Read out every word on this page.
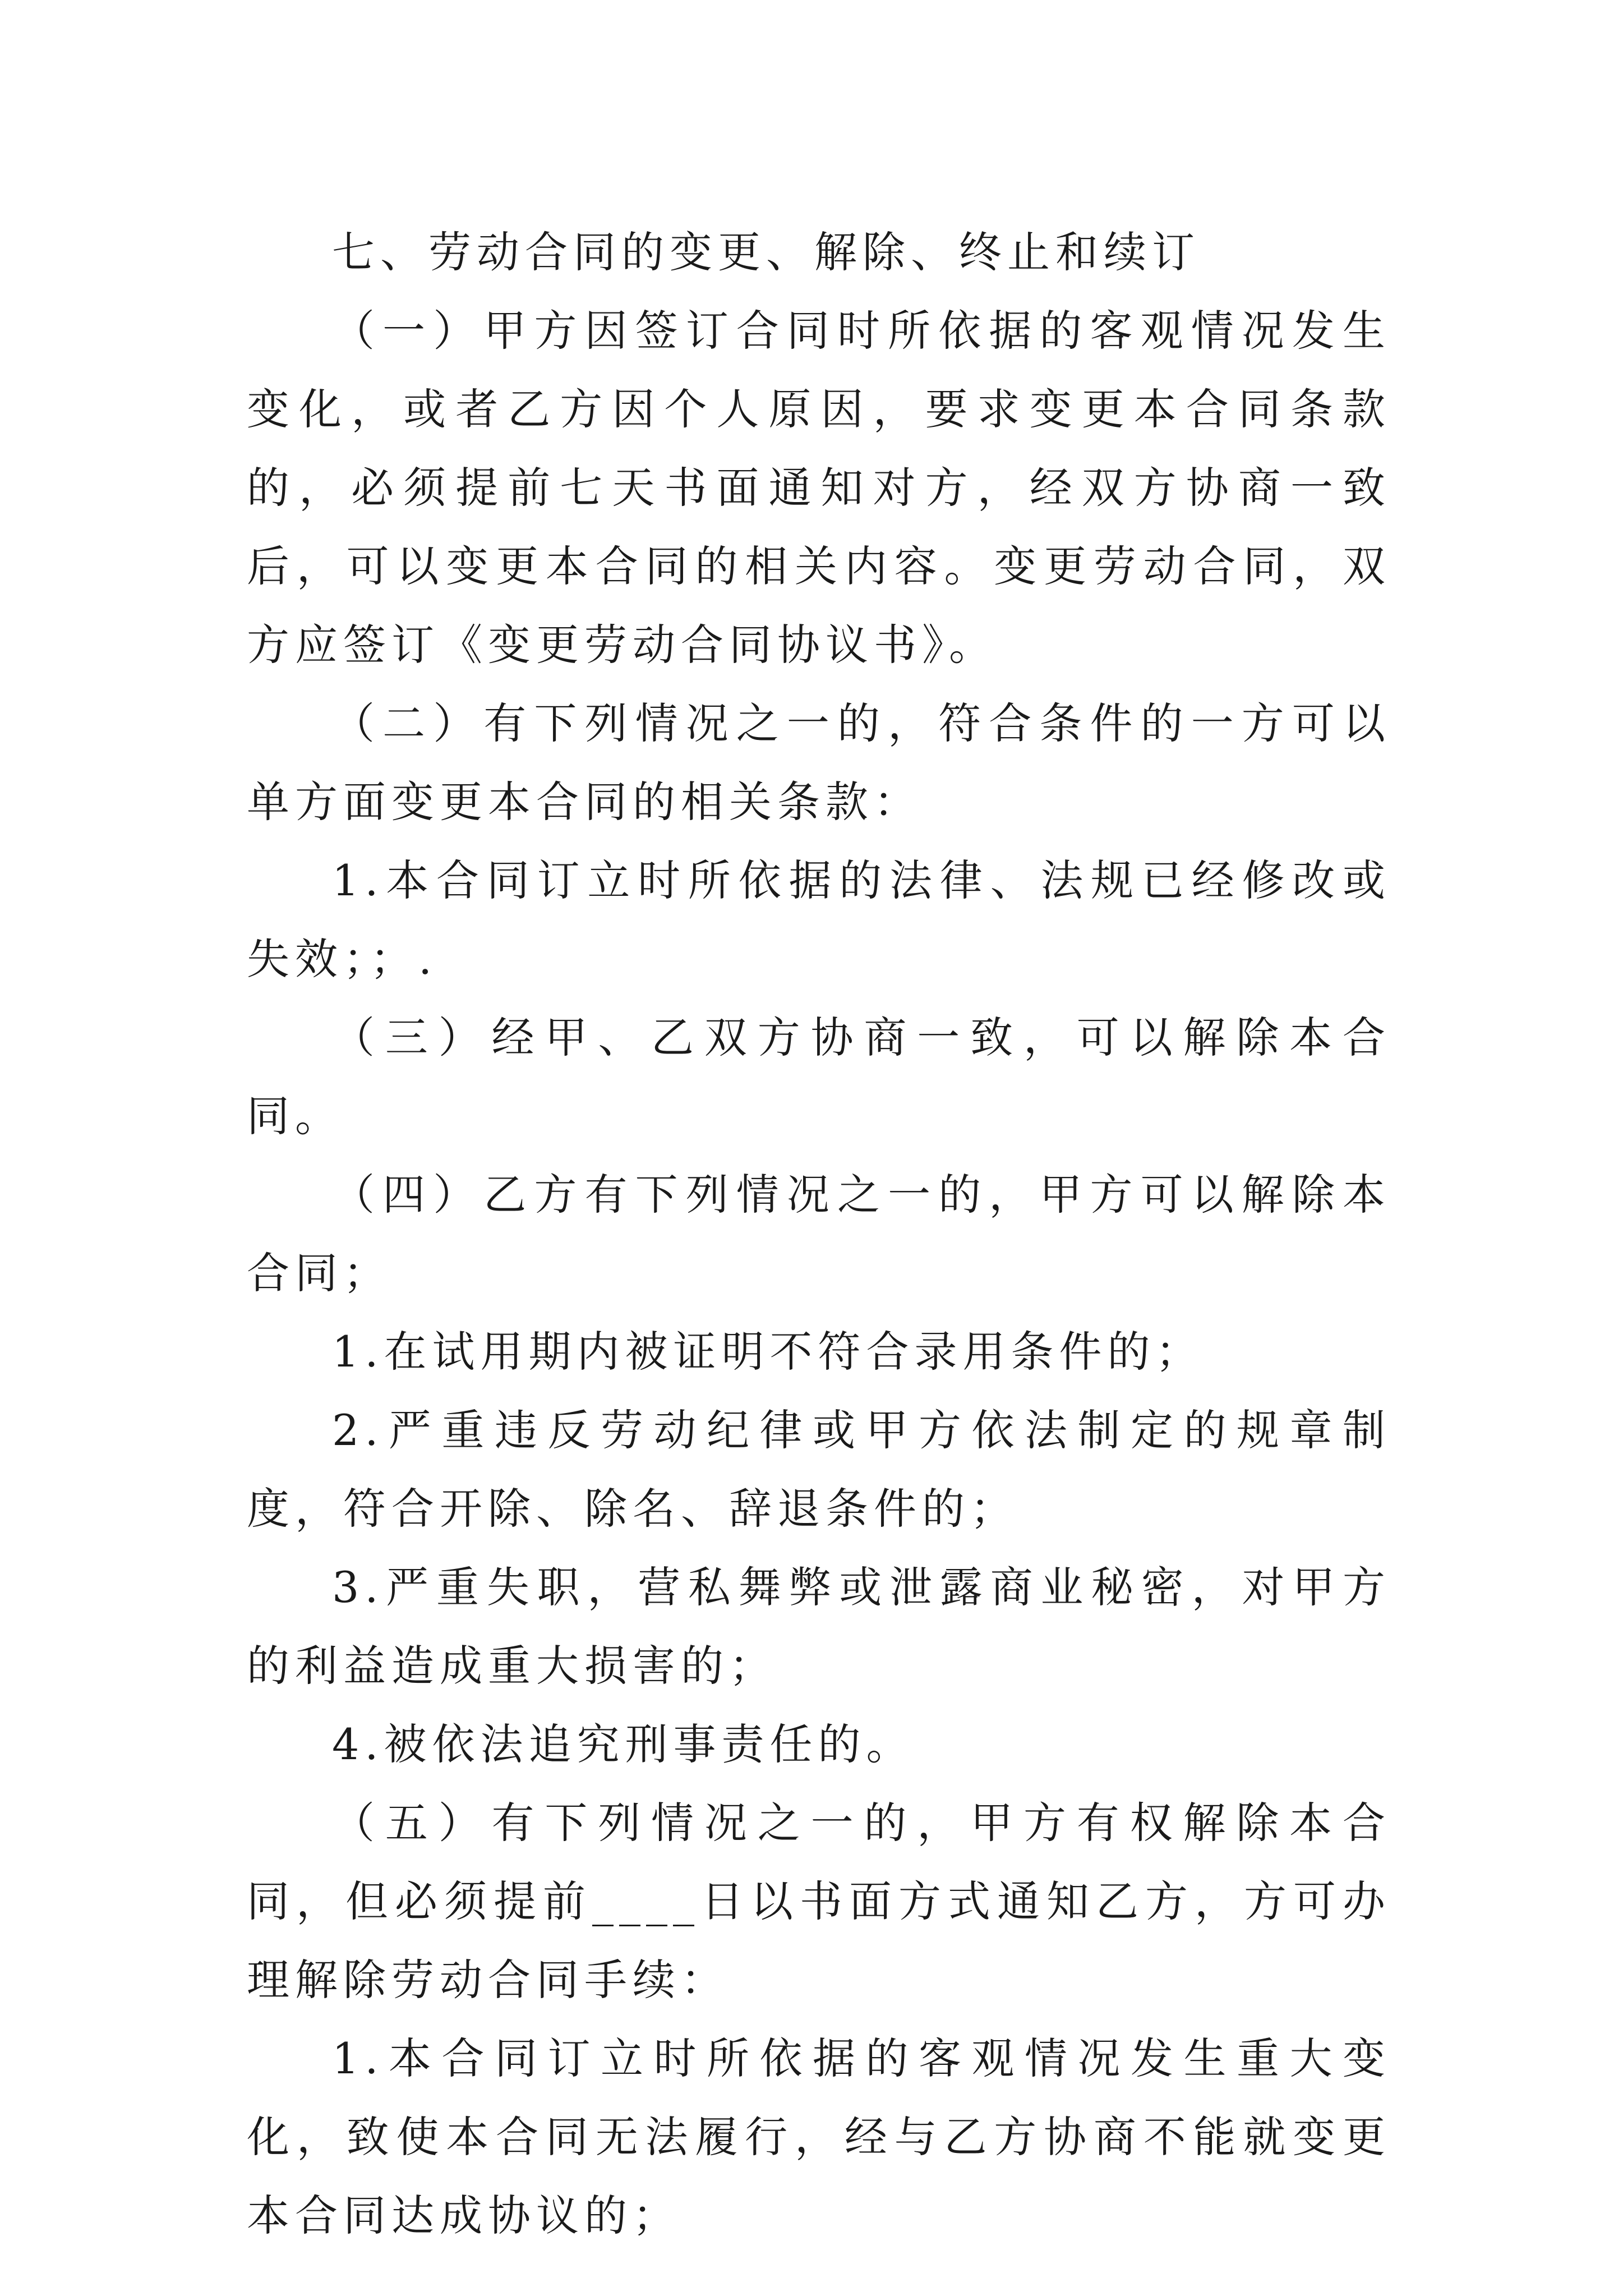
七、劳动合同的变更、解除、终止和续订

（一）甲方因签订合同时所依据的客观情况发生变化，或者乙方因个人原因，要求变更本合同条款的，必须提前七天书面通知对方，经双方协商一致后，可以变更本合同的相关内容。变更劳动合同，双方应签订《变更劳动合同协议书》。

（二）有下列情况之一的，符合条件的一方可以单方面变更本合同的相关条款：

1.本合同订立时所依据的法律、法规已经修改或失效；；.

（三）经甲、乙双方协商一致，可以解除本合同。

（四）乙方有下列情况之一的，甲方可以解除本合同；

1.在试用期内被证明不符合录用条件的；

2.严重违反劳动纪律或甲方依法制定的规章制度，符合开除、除名、辞退条件的；

3.严重失职，营私舞弊或泄露商业秘密，对甲方的利益造成重大损害的；

4.被依法追究刑事责任的。

（五）有下列情况之一的，甲方有权解除本合同，但必须提前____日以书面方式通知乙方，方可办理解除劳动合同手续：

1.本合同订立时所依据的客观情况发生重大变化，致使本合同无法履行，经与乙方协商不能就变更本合同达成协议的；
